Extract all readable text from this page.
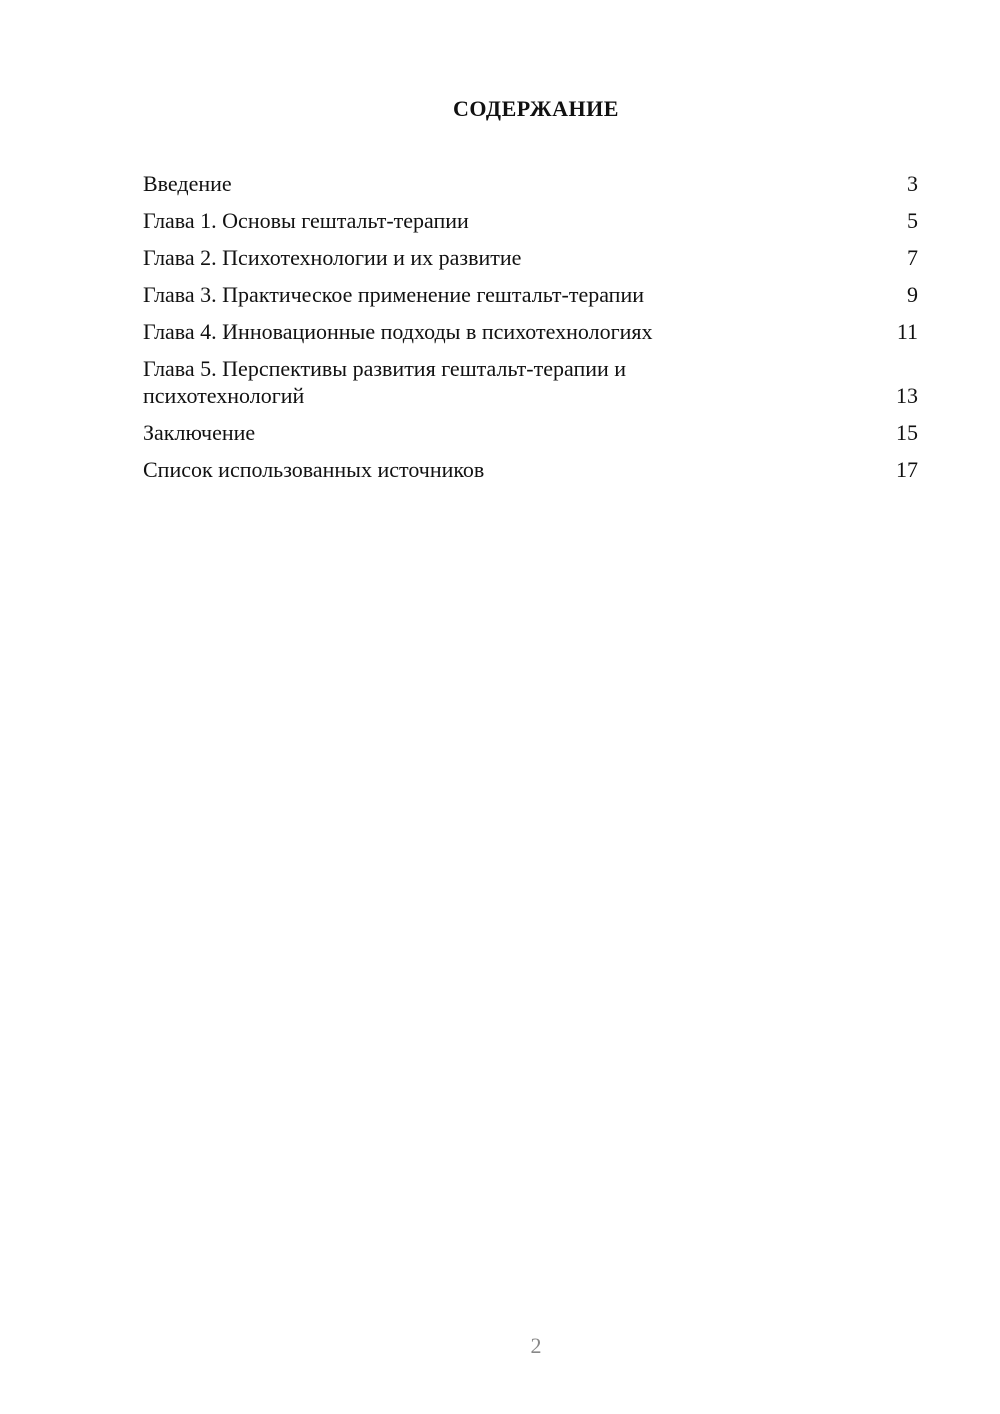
СОДЕРЖАНИЕ
Введение	3
Глава 1. Основы гештальт-терапии	5
Глава 2. Психотехнологии и их развитие	7
Глава 3. Практическое применение гештальт-терапии	9
Глава 4. Инновационные подходы в психотехнологиях	11
Глава 5. Перспективы развития гештальт-терапии и психотехнологий	13
Заключение	15
Список использованных источников	17
2
